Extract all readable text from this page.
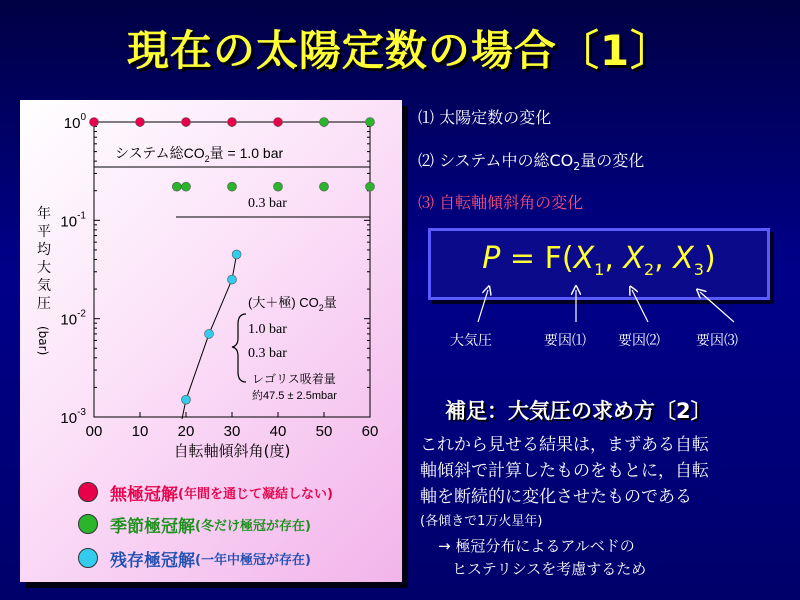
現在の太陽定数の場合〔1〕
00 10 20 30 40 50 60
$10^{-3}$
$10^{-2}$
$10^{-1}$
$10^0$
システム総$CO_2$量 = 1.0 bar
0.3 bar
(大＋極) $CO_2$量
1.0 bar
0.3 bar
レゴリス吸着量
約47.5 ± 2.5mbar
年
平
均
大
気
圧
(bar)
自転軸傾斜角(度)
無極冠解 (年間を通じて凝結しない)
季節極冠解 (冬だけ極冠が存在)
残存極冠解 (一年中極冠が存在)
⑴ 太陽定数の変化
⑵ システム中の総$CO_2$量の変化
⑶ 自転軸傾斜角の変化
$P = F(X_1$, $X_2$, $X_3$)
大気圧	要因⑴ 要因⑵	要因⑶
補足：大気圧の求め方〔2〕
これから見せる結果は，まずある自転
軸傾斜で計算したものをもとに，自転
軸を断続的に変化させたものである
(各傾きで1万火星年)
→ 極冠分布によるアルベドの
ヒステリシスを考慮するため
